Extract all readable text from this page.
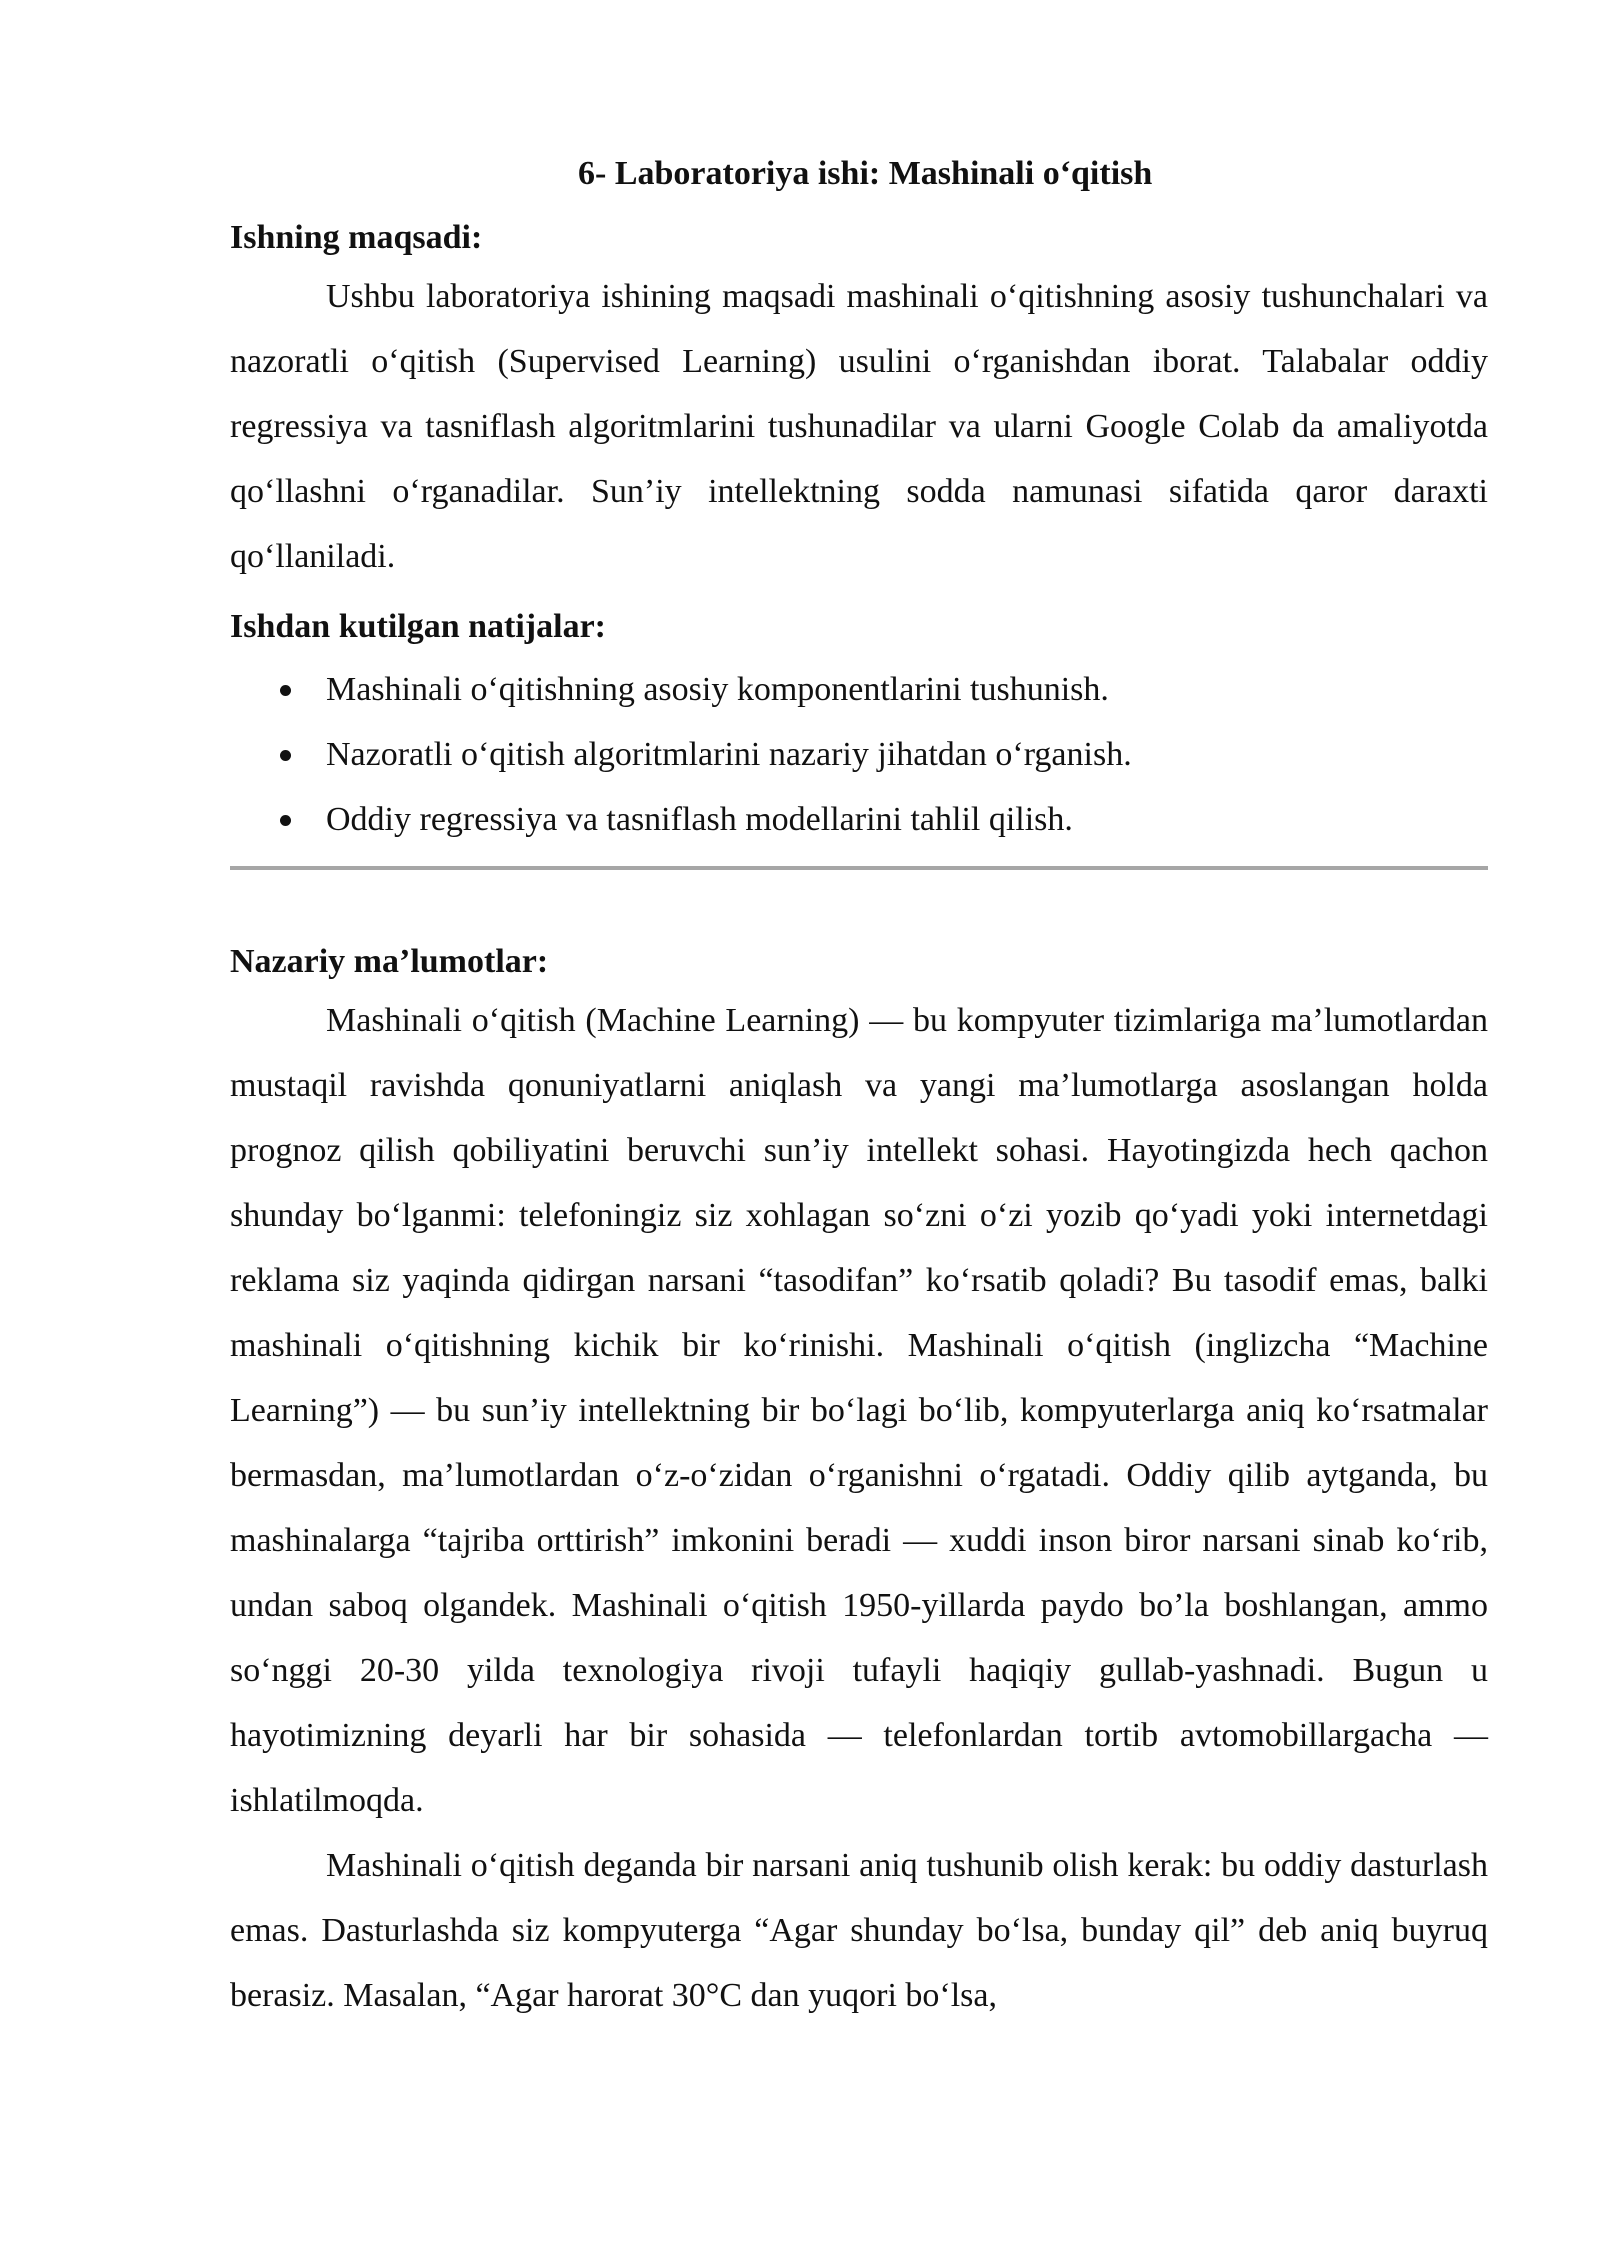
6- Laboratoriya ishi: Mashinali o‘qitish
Ishning maqsadi:

Ushbu laboratoriya ishining maqsadi mashinali o‘qitishning asosiy tushunchalari va nazoratli o‘qitish (Supervised Learning) usulini o‘rganishdan iborat. Talabalar oddiy regressiya va tasniflash algoritmlarini tushunadilar va ularni Google Colab da amaliyotda qo‘llashni o‘rganadilar. Sun’iy intellektning sodda namunasi sifatida qaror daraxti qo‘llaniladi.

Ishdan kutilgan natijalar:
Mashinali o‘qitishning asosiy komponentlarini tushunish.
Nazoratli o‘qitish algoritmlarini nazariy jihatdan o‘rganish.
Oddiy regressiya va tasniflash modellarini tahlil qilish.
Nazariy ma’lumotlar:

Mashinali o‘qitish (Machine Learning) — bu kompyuter tizimlariga ma’lumotlardan mustaqil ravishda qonuniyatlarni aniqlash va yangi ma’lumotlarga asoslangan holda prognoz qilish qobiliyatini beruvchi sun’iy intellekt sohasi. Hayotingizda hech qachon shunday bo‘lganmi: telefoningiz siz xohlagan so‘zni o‘zi yozib qo‘yadi yoki internetdagi reklama siz yaqinda qidirgan narsani “tasodifan” ko‘rsatib qoladi? Bu tasodif emas, balki mashinali o‘qitishning kichik bir ko‘rinishi. Mashinali o‘qitish (inglizcha “Machine Learning”) — bu sun’iy intellektning bir bo‘lagi bo‘lib, kompyuterlarga aniq ko‘rsatmalar bermasdan, ma’lumotlardan o‘z-o‘zidan o‘rganishni o‘rgatadi. Oddiy qilib aytganda, bu mashinalarga “tajriba orttirish” imkonini beradi — xuddi inson biror narsani sinab ko‘rib, undan saboq olgandek. Mashinali o‘qitish 1950-yillarda paydo bo’la boshlangan, ammo so‘nggi 20-30 yilda texnologiya rivoji tufayli haqiqiy gullab-yashnadi. Bugun u hayotimizning deyarli har bir sohasida — telefonlardan tortib avtomobillargacha — ishlatilmoqda.

Mashinali o‘qitish deganda bir narsani aniq tushunib olish kerak: bu oddiy dasturlash emas. Dasturlashda siz kompyuterga “Agar shunday bo‘lsa, bunday qil” deb aniq buyruq berasiz. Masalan, “Agar harorat 30°C dan yuqori bo‘lsa,
